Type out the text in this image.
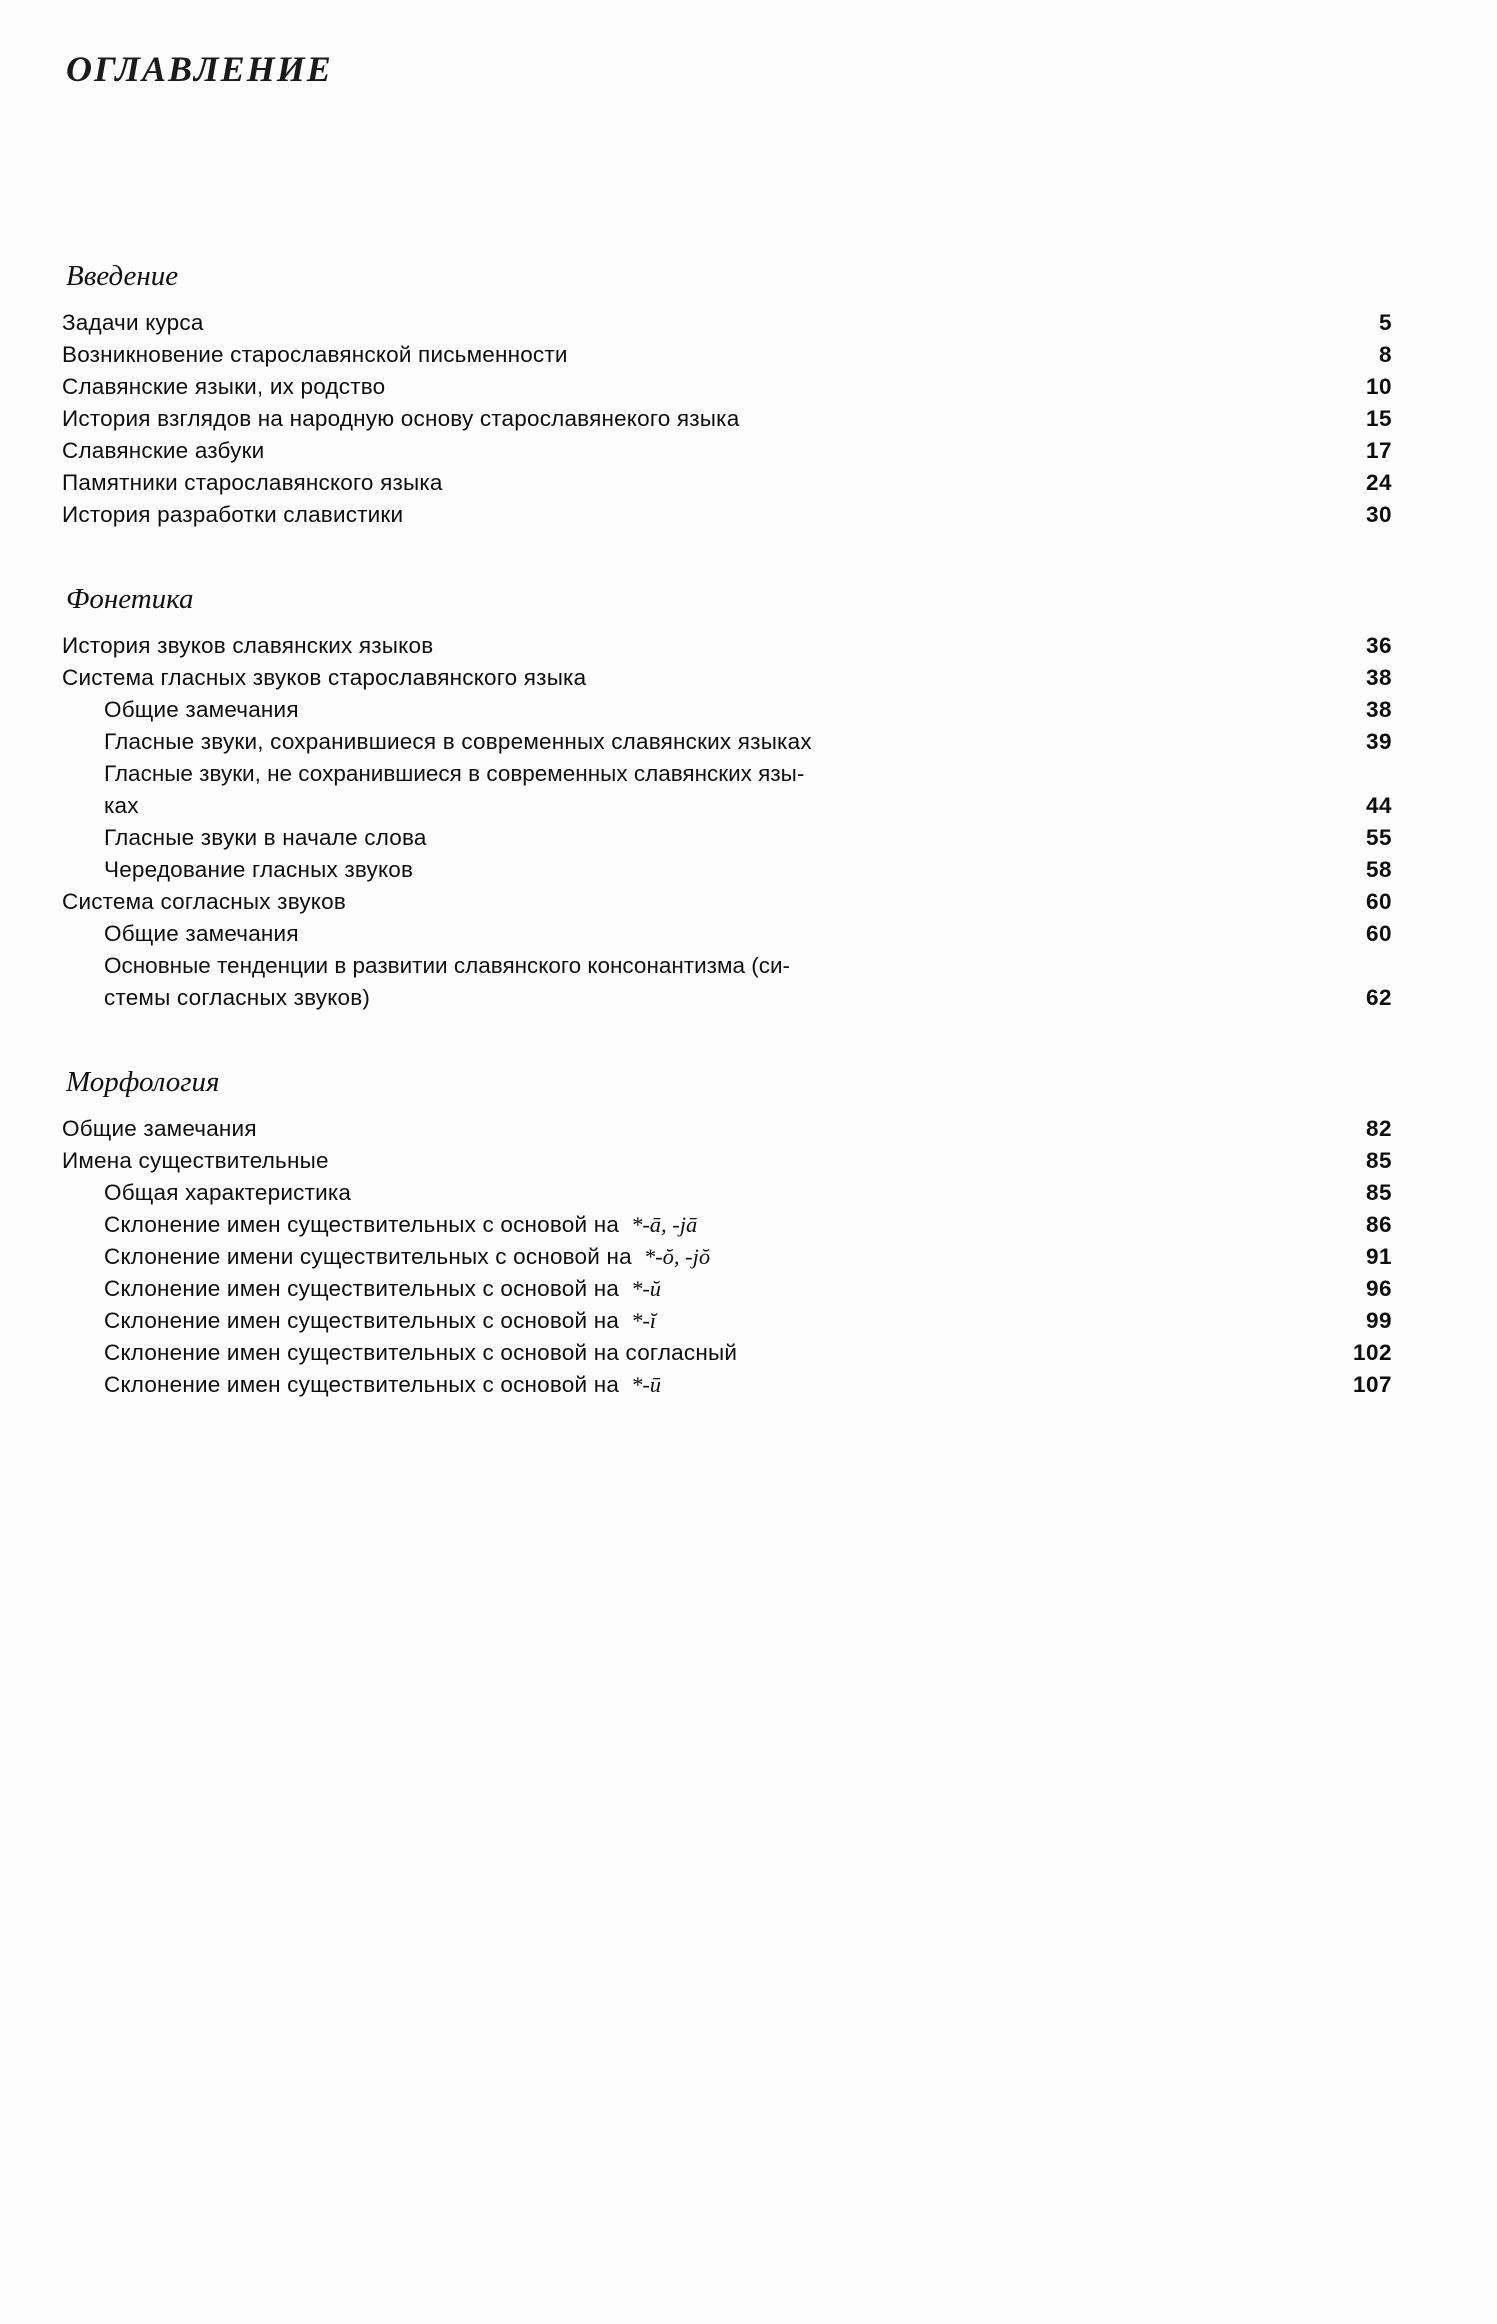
ОГЛАВЛЕНИЕ
Введение
Задачи курса	5
Возникновение старославянской письменности	8
Славянские языки, их родство	10
История взглядов на народную основу старославянекого языка	15
Славянские азбуки	17
Памятники старославянского языка	24
История разработки славистики	30
Фонетика
История звуков славянских языков	36
Система гласных звуков старославянского языка	38
Общие замечания	38
Гласные звуки, сохранившиеся в современных славянских языках	39
Гласные звуки, не сохранившиеся в современных славянских язы-
ках	44
Гласные звуки в начале слова	55
Чередование гласных звуков	58
Система согласных звуков	60
Общие замечания	60
Основные тенденции в развитии славянского консонантизма (си-
стемы согласных звуков)	62
Морфология
Общие замечания	82
Имена существительные	85
Общая характеристика	85
Склонение имен существительных с основой на *-ā, -jā	86
Склонение имени существительных с основой на *-ŏ, -jŏ	91
Склонение имен существительных с основой на *-ŭ	96
Склонение имен существительных с основой на *-ĭ	99
Склонение имен существительных с основой на согласный	102
Склонение имен существительных с основой на *-ū	107
